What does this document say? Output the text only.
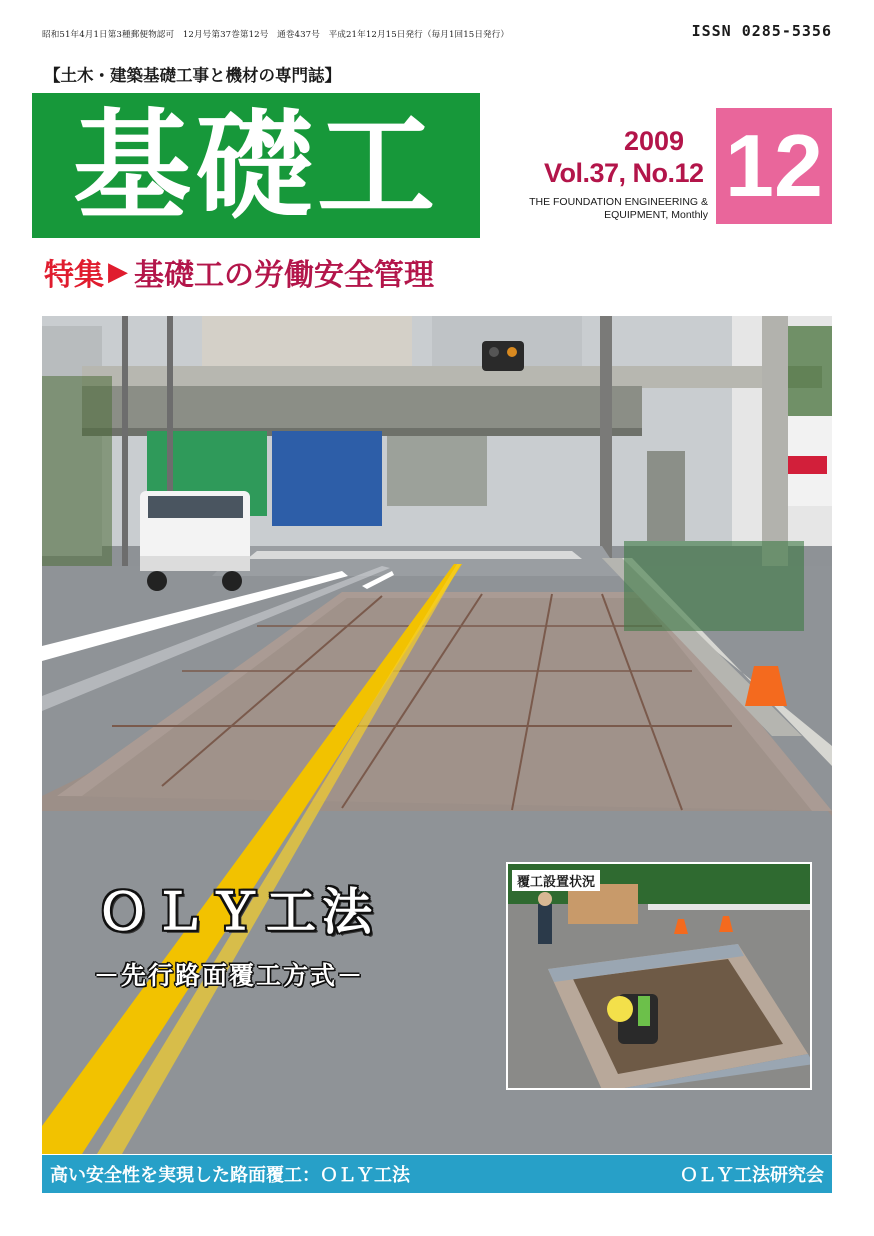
昭和51年4月1日第3種郵便物認可　12月号第37巻第12号　通巻437号　平成21年12月15日発行（毎月1回15日発行）	ISSN 0285-5356
【土木・建築基礎工事と機材の専門誌】
基礎工	2009
Vol.37, No.12
THE FOUNDATION ENGINEERING &
EQUIPMENT, Monthly 12
特集 ▶ 基礎工の労働安全管理
ＯＬＹ工法
－先行路面覆工方式－
覆工設置状況
高い安全性を実現した路面覆工：ＯＬＹ工法	ＯＬＹ工法研究会
